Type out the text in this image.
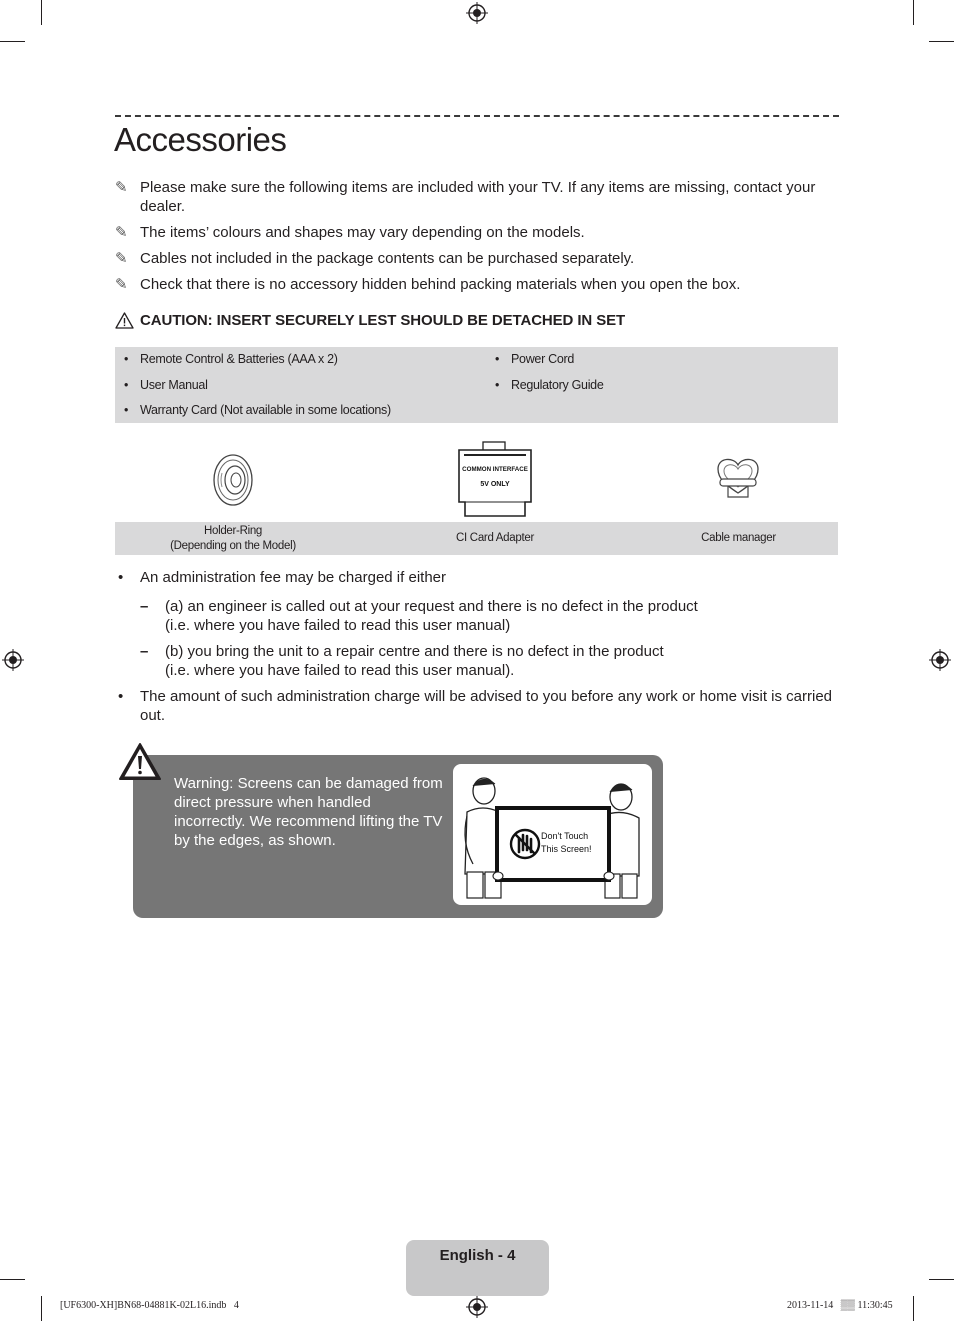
Accessories
✎ Please make sure the following items are included with your TV. If any items are missing, contact your dealer.
✎ The items’ colours and shapes may vary depending on the models.
✎ Cables not included in the package contents can be purchased separately.
✎ Check that there is no accessory hidden behind packing materials when you open the box.
CAUTION: INSERT SECURELY LEST SHOULD BE DETACHED IN SET
• Remote Control & Batteries (AAA x 2)
• User Manual
• Warranty Card (Not available in some locations)
• Power Cord
• Regulatory Guide
COMMON INTERFACE
5V ONLY
Holder-Ring
(Depending on the Model)
CI Card Adapter	Cable manager
• An administration fee may be charged if either
– (a) an engineer is called out at your request and there is no defect in the product
(i.e. where you have failed to read this user manual)
– (b) you bring the unit to a repair centre and there is no defect in the product
(i.e. where you have failed to read this user manual).
• The amount of such administration charge will be advised to you before any work or home visit is carried out.
Warning: Screens can be damaged from direct pressure when handled incorrectly. We recommend lifting the TV by the edges, as shown.	Don't Touch
This Screen!
English - 4
[UF6300-XH]BN68-04881K-02L16.indb   4	2013-11-14   ▒▒ 11:30:45
